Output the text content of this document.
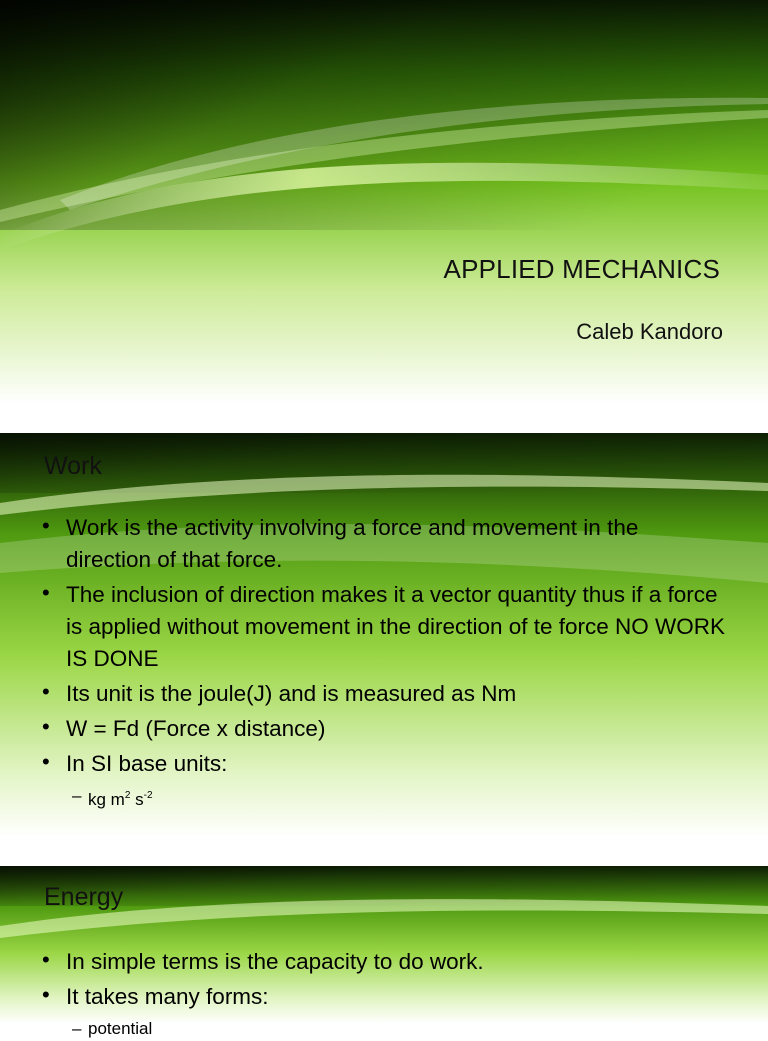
APPLIED MECHANICS
Caleb Kandoro
Work
• Work is the activity involving a force and movement in the direction of that force.
• The inclusion of direction makes it a vector quantity thus if a force is applied without movement in the direction of te force NO WORK IS DONE
• Its unit is the joule(J) and is measured as Nm
• W = Fd (Force x distance)
• In SI base units:
– kg $m^2$ $s^{-2}$
Energy
• In simple terms is the capacity to do work.
• It takes many forms:
– potential
